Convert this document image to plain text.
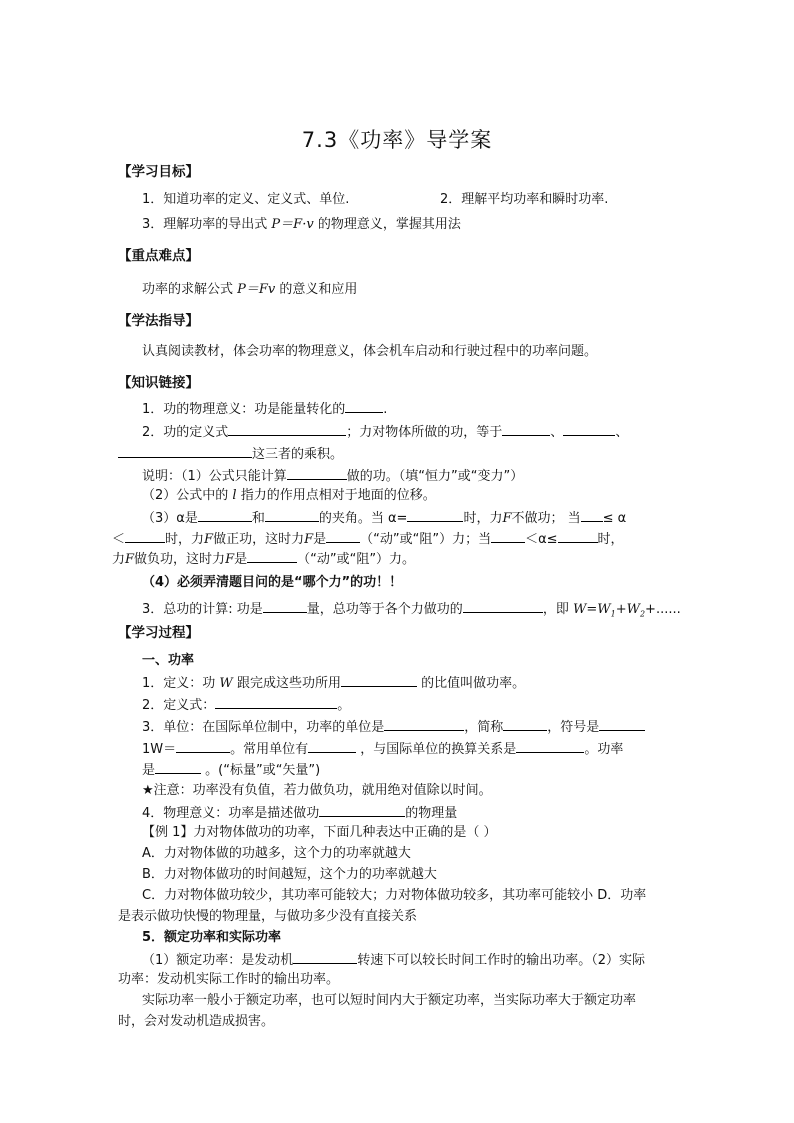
7.3《功率》导学案
【学习目标】
1．知道功率的定义、定义式、单位.	2．理解平均功率和瞬时功率.
3．理解功率的导出式 P＝F·v 的物理意义，掌握其用法
【重点难点】
功率的求解公式 P＝Fv 的意义和应用
【学法指导】
认真阅读教材，体会功率的物理意义，体会机车启动和行驶过程中的功率问题。
【知识链接】
1．功的物理意义：功是能量转化的	.
2．功的定义式	；力对物体所做的功，等于	、	、
这三者的乘积。
说明：（1）公式只能计算	做的功。（填“恒力”或“变力”）
（2）公式中的 l 指力的作用点相对于地面的位移。
（3）α是	和	的夹角。当 α=	时，力F不做功； 当 ≤ α
＜	时，力F做正功，这时力F是	（“动”或“阻”）力；当	＜α≤	时，
力F做负功，这时力F是	（“动”或“阻”）力。
（4）必须弄清题目问的是“哪个力”的功！！
3．总功的计算: 功是	量，总功等于各个力做功的	，即 $W=W_1+W_2+$......
【学习过程】
一、功率
1．定义：功 W 跟完成这些功所用	的比值叫做功率。
2．定义式：	。
3．单位：在国际单位制中，功率的单位是	，简称	，符号是
1W＝	。常用单位有	，与国际单位的换算关系是	。功率
是	。(“标量”或“矢量”)
★注意：功率没有负值，若力做负功，就用绝对值除以时间。
4．物理意义：功率是描述做功	的物理量
【例 1】力对物体做功的功率，下面几种表达中正确的是（ ）
A．力对物体做的功越多，这个力的功率就越大
B．力对物体做功的时间越短，这个力的功率就越大
C．力对物体做功较少，其功率可能较大；力对物体做功较多，其功率可能较小 D．功率
是表示做功快慢的物理量，与做功多少没有直接关系
5．额定功率和实际功率
（1）额定功率：是发动机	转速下可以较长时间工作时的输出功率。（2）实际
功率：发动机实际工作时的输出功率。
实际功率一般小于额定功率，也可以短时间内大于额定功率，当实际功率大于额定功率
时，会对发动机造成损害。
